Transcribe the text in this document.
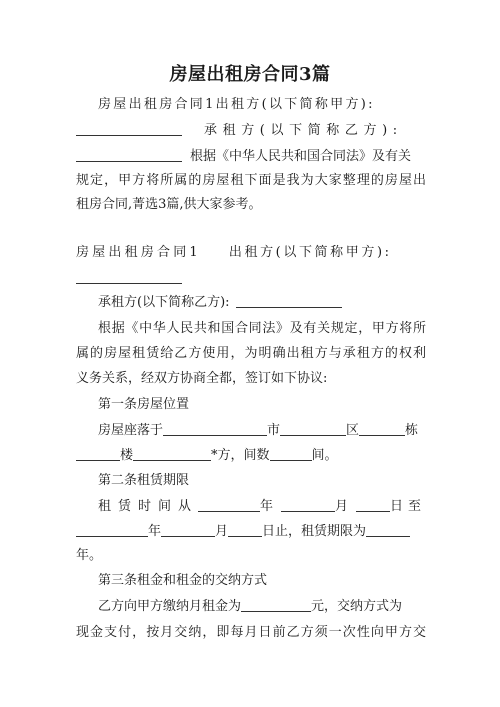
房屋出租房合同3篇
房屋出租房合同1出租方(以下简称甲方):
承租方(以下简称乙方):
根据《中华人民共和国合同法》及有关
规定，甲方将所属的房屋租下面是我为大家整理的房屋出
租房合同,菁选3篇,供大家参考。
房屋出租房合同1 出租方(以下简称甲方):
承租方(以下简称乙方):
根据《中华人民共和国合同法》及有关规定，甲方将所
属的房屋租赁给乙方使用，为明确出租方与承租方的权利
义务关系，经双方协商全都，签订如下协议:
第一条房屋位置
房屋座落于	市	区	栋
楼	*方，间数	间。
第二条租赁期限
租赁时间从	年	月	日至
年	月	日止，租赁期限为
年。
第三条租金和租金的交纳方式
乙方向甲方缴纳月租金为	元，交纳方式为
现金支付，按月交纳，即每月日前乙方须一次性向甲方交
